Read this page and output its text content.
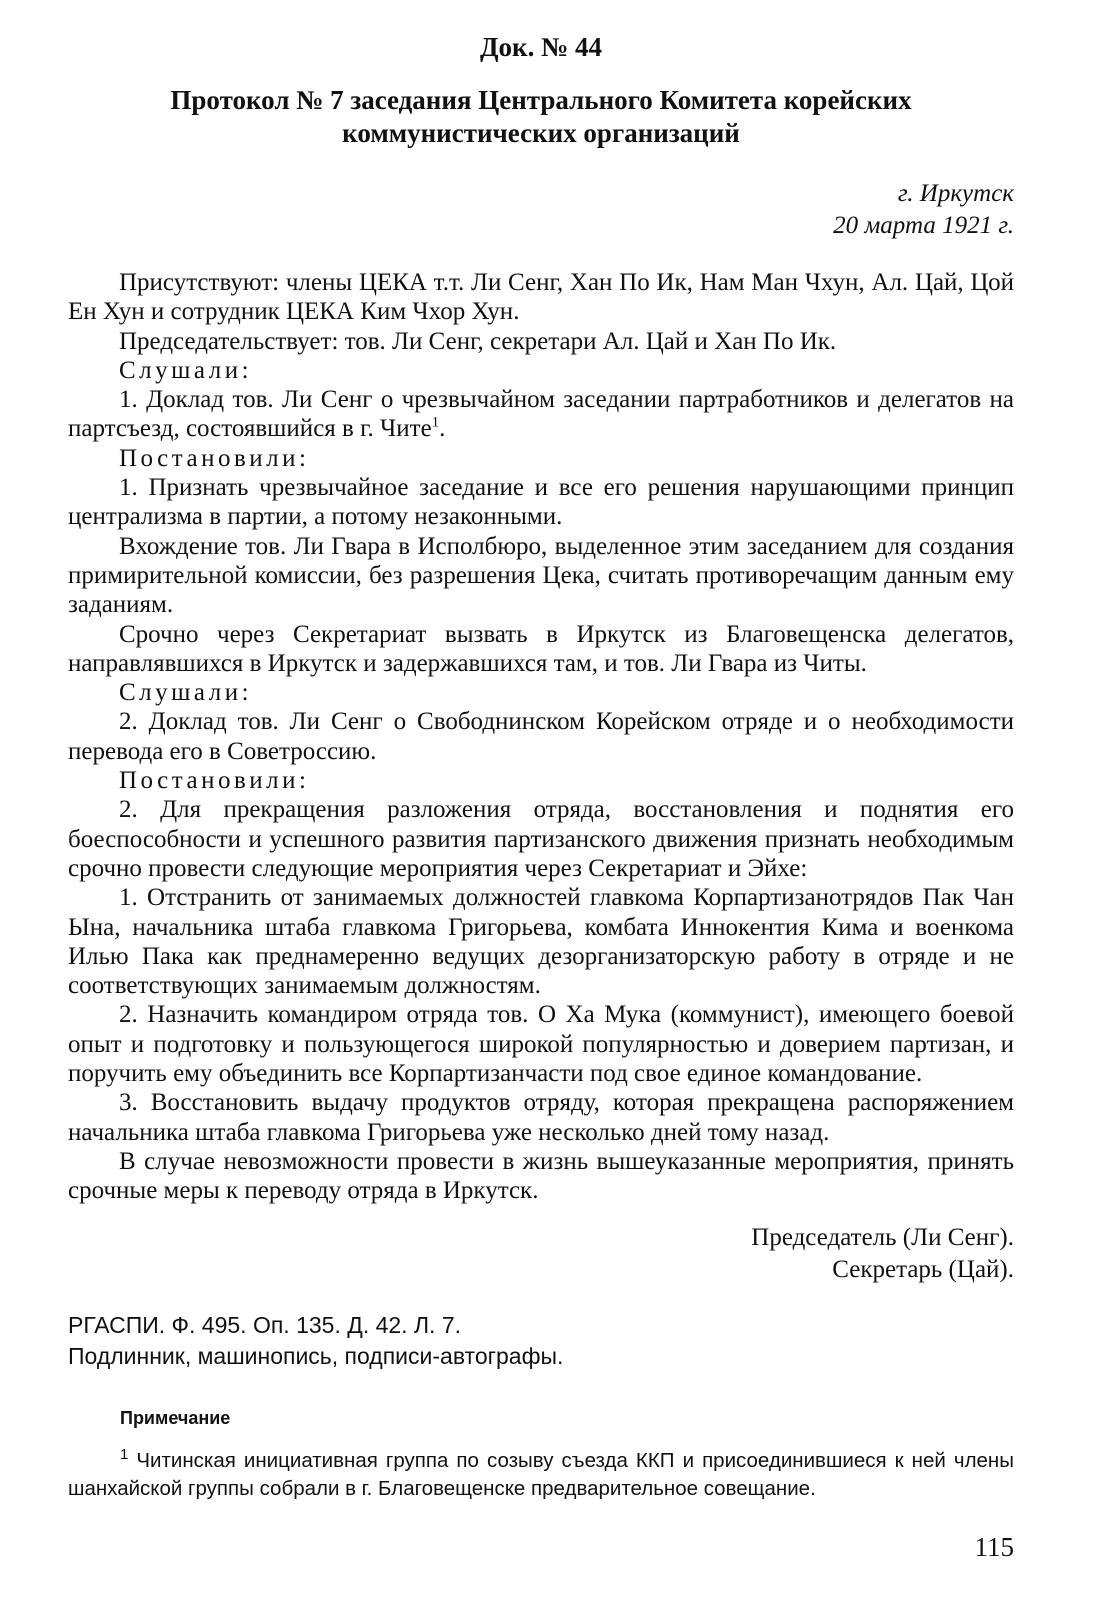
Док. № 44
Протокол № 7 заседания Центрального Комитета корейских
коммунистических организаций
г. Иркутск
20 марта 1921 г.

Присутствуют: члены ЦЕКА т.т. Ли Сенг, Хан По Ик, Нам Ман Чхун, Ал. Цай, Цой Ен Хун и сотрудник ЦЕКА Ким Чхор Хун.

Председательствует: тов. Ли Сенг, секретари Ал. Цай и Хан По Ик.

Слушали:

1. Доклад тов. Ли Сенг о чрезвычайном заседании партработников и делегатов на партсъезд, состоявшийся в г. Чите$^1$.

Постановили:

1. Признать чрезвычайное заседание и все его решения нарушающими принцип централизма в партии, а потому незаконными.

Вхождение тов. Ли Гвара в Исполбюро, выделенное этим заседанием для создания примирительной комиссии, без разрешения Цека, считать противоречащим данным ему заданиям.

Срочно через Секретариат вызвать в Иркутск из Благовещенска делегатов, направлявшихся в Иркутск и задержавшихся там, и тов. Ли Гвара из Читы.

Слушали:

2. Доклад тов. Ли Сенг о Свободнинском Корейском отряде и о необходимости перевода его в Советроссию.

Постановили:

2. Для прекращения разложения отряда, восстановления и поднятия его боеспособности и успешного развития партизанского движения признать необходимым срочно провести следующие мероприятия через Секретариат и Эйхе:

1. Отстранить от занимаемых должностей главкома Корпартизанотрядов Пак Чан Ына, начальника штаба главкома Григорьева, комбата Иннокентия Кима и военкома Илью Пака как преднамеренно ведущих дезорганизаторскую работу в отряде и не соответствующих занимаемым должностям.

2. Назначить командиром отряда тов. О Ха Мука (коммунист), имеющего боевой опыт и подготовку и пользующегося широкой популярностью и доверием партизан, и поручить ему объединить все Корпартизанчасти под свое единое командование.

3. Восстановить выдачу продуктов отряду, которая прекращена распоряжением начальника штаба главкома Григорьева уже несколько дней тому назад.

В случае невозможности провести в жизнь вышеуказанные мероприятия, принять срочные меры к переводу отряда в Иркутск.

Председатель (Ли Сенг).
Секретарь (Цай).
РГАСПИ. Ф. 495. Оп. 135. Д. 42. Л. 7.
Подлинник, машинопись, подписи-автографы.
Примечание

$^1$ Читинская инициативная группа по созыву съезда ККП и присоединившиеся к ней члены шанхайской группы собрали в г. Благовещенске предварительное совещание.

115
